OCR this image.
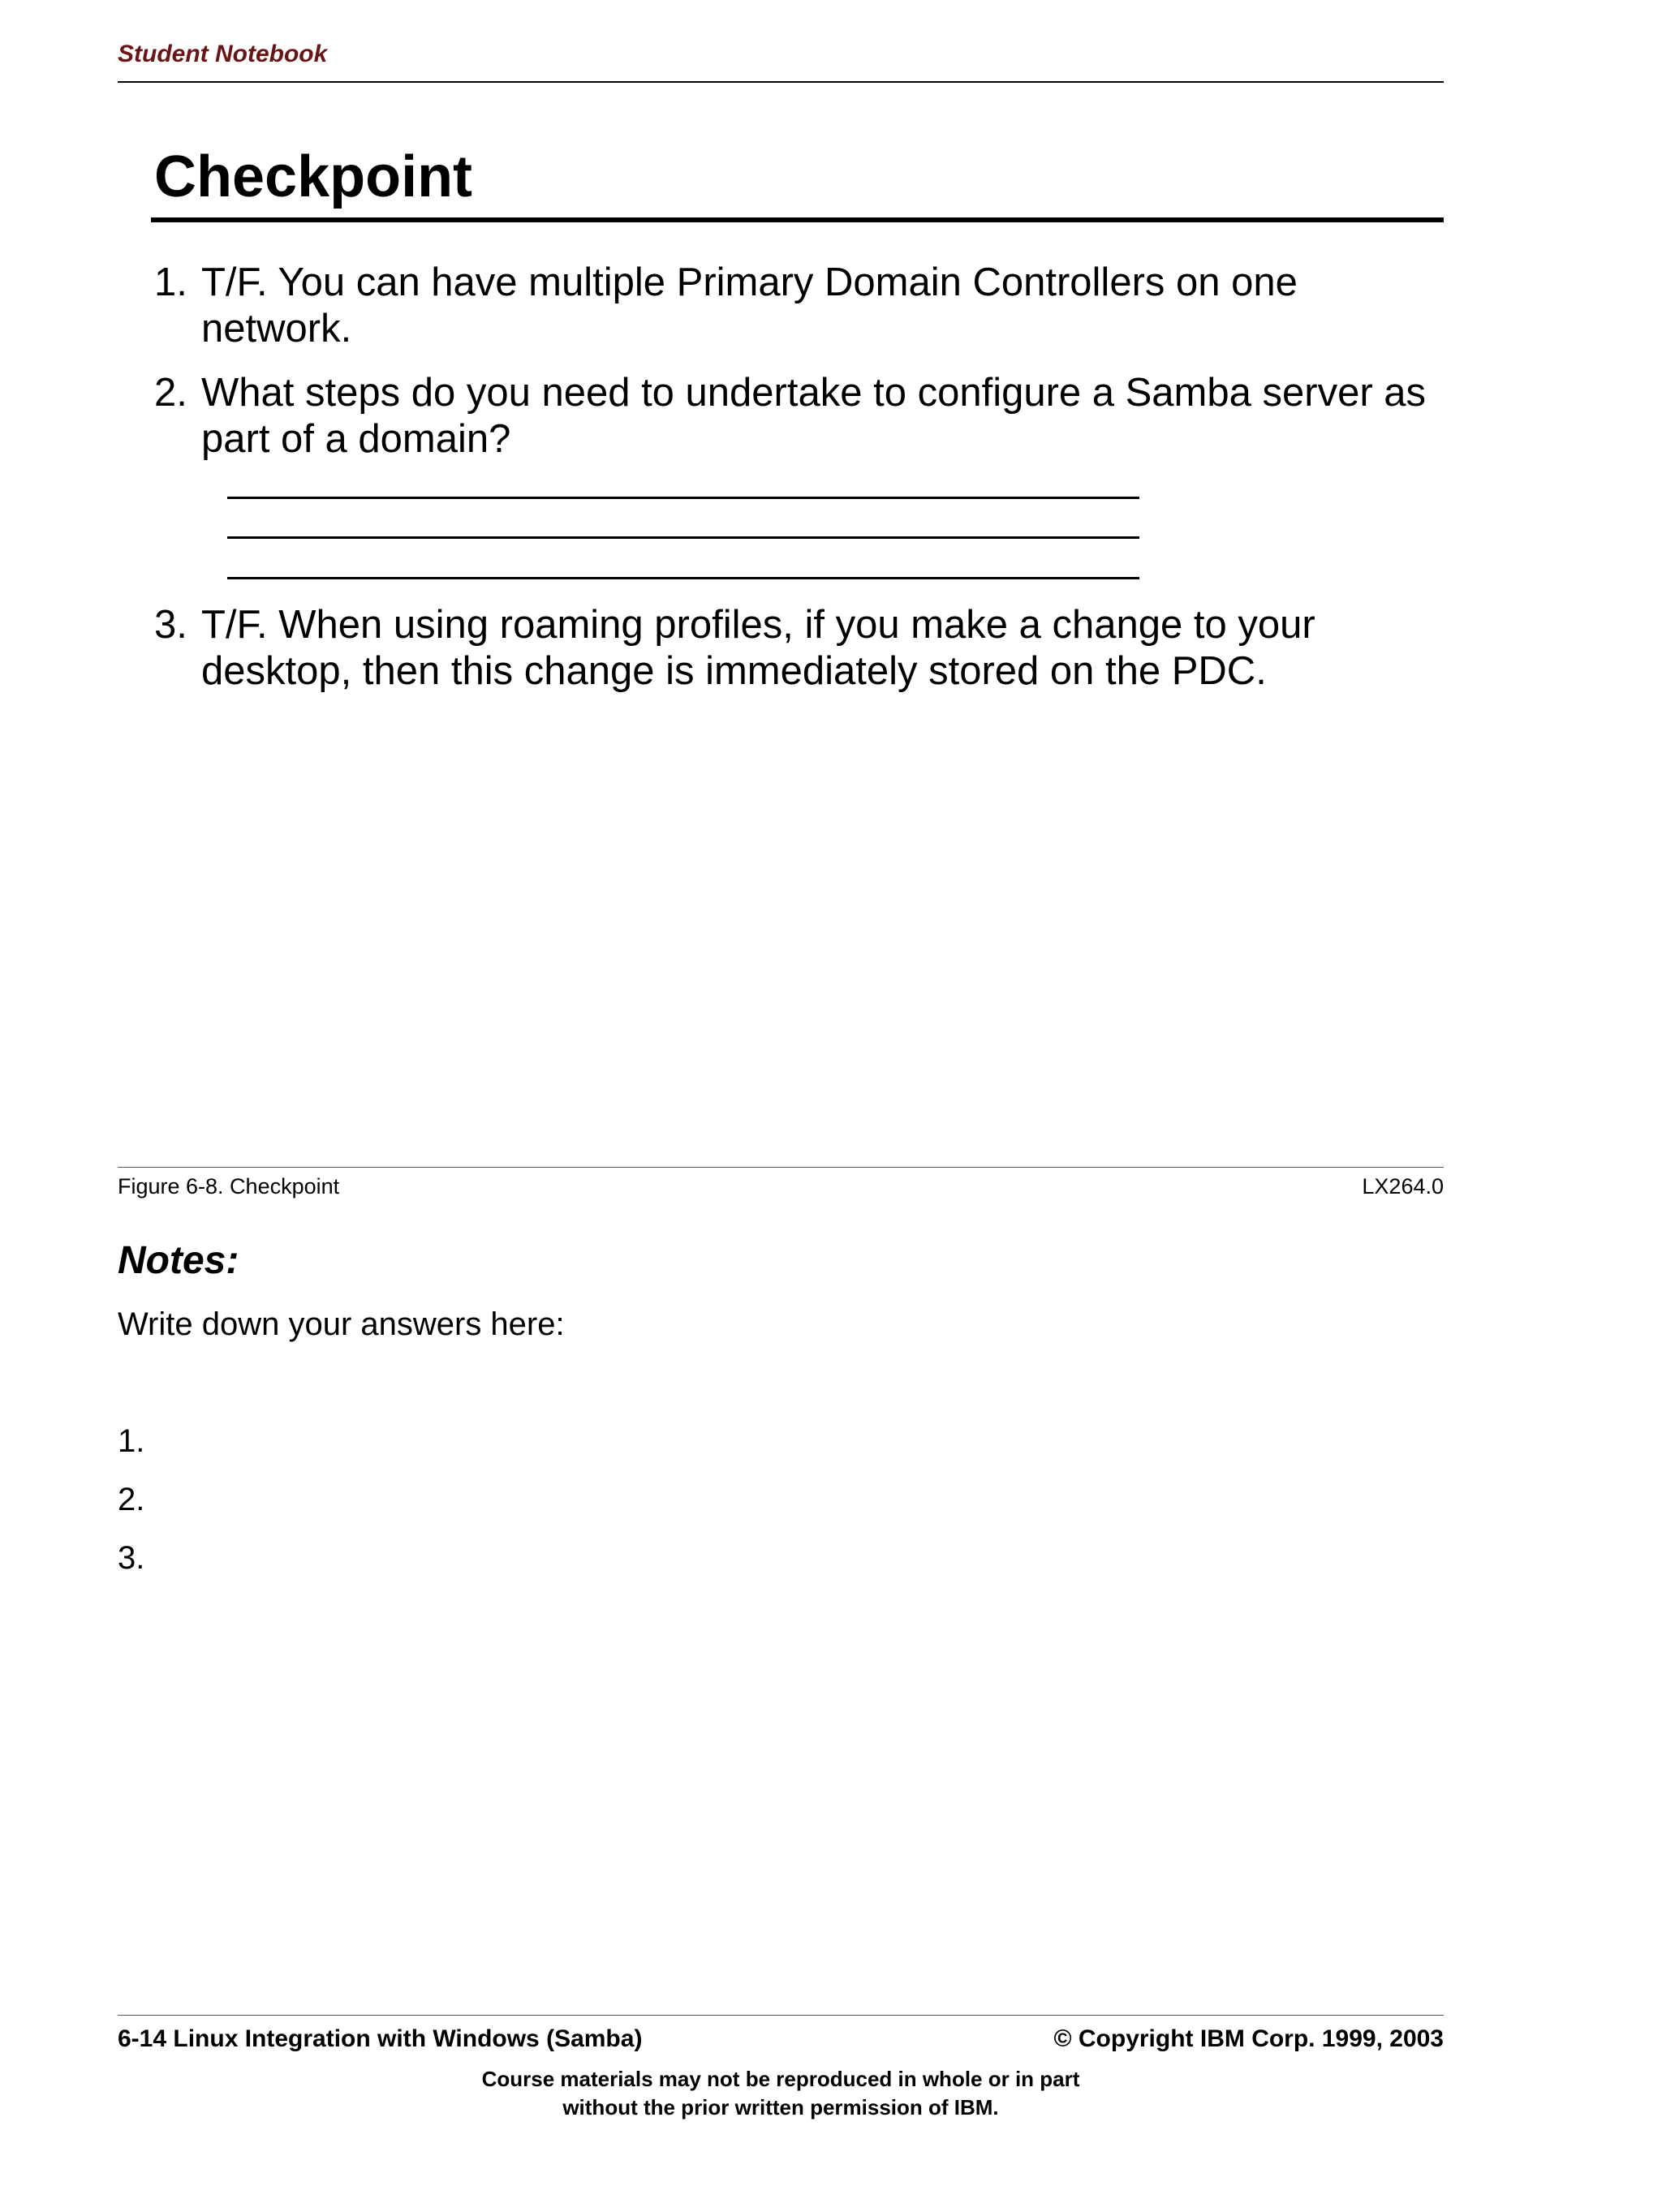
Student Notebook
Checkpoint
1. T/F. You can have multiple Primary Domain Controllers on one network.
2. What steps do you need to undertake to configure a Samba server as part of a domain?
3. T/F. When using roaming profiles, if you make a change to your desktop, then this change is immediately stored on the PDC.
Figure 6-8. Checkpoint	LX264.0
Notes:
Write down your answers here:
1.
2.
3.
6-14 Linux Integration with Windows (Samba)	© Copyright IBM Corp. 1999, 2003
Course materials may not be reproduced in whole or in part
without the prior written permission of IBM.
